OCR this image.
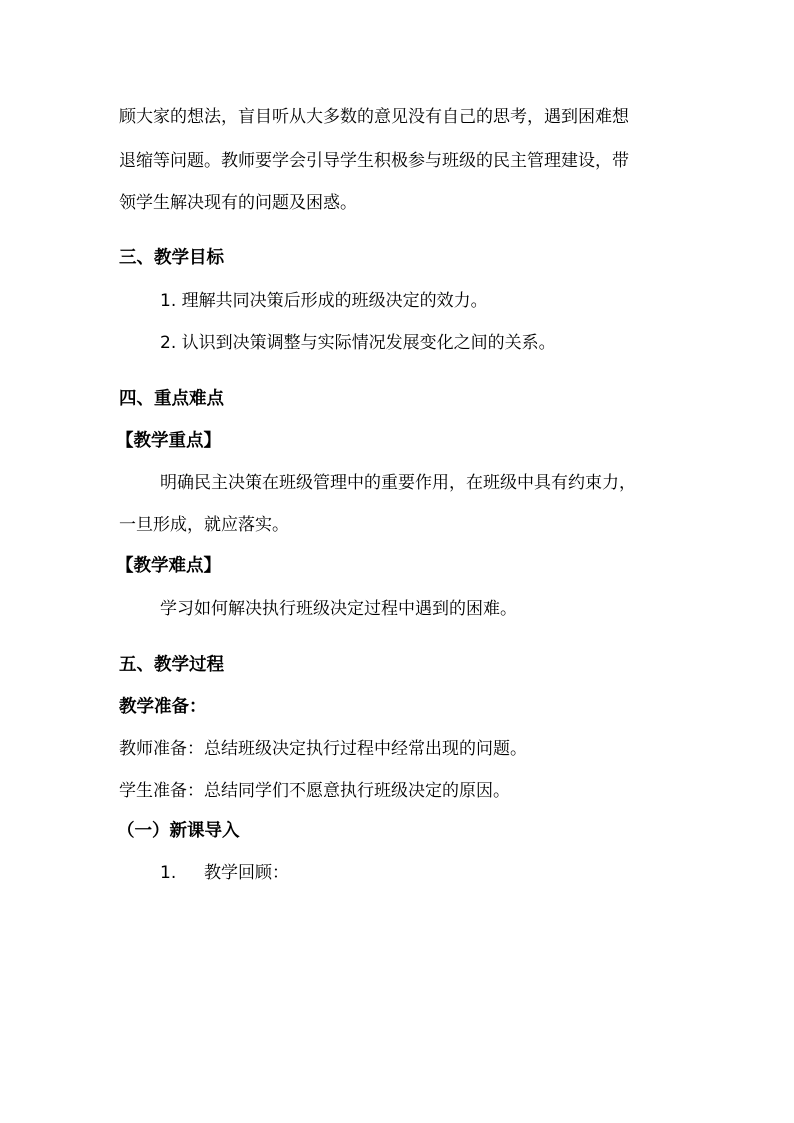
顾大家的想法，盲目听从大多数的意见没有自己的思考，遇到困难想
退缩等问题。教师要学会引导学生积极参与班级的民主管理建设，带
领学生解决现有的问题及困惑。
三、教学目标
1. 理解共同决策后形成的班级决定的效力。
2. 认识到决策调整与实际情况发展变化之间的关系。
四、重点难点
【教学重点】
明确民主决策在班级管理中的重要作用，在班级中具有约束力，
一旦形成，就应落实。
【教学难点】
学习如何解决执行班级决定过程中遇到的困难。
五、教学过程
教学准备：
教师准备：总结班级决定执行过程中经常出现的问题。
学生准备：总结同学们不愿意执行班级决定的原因。
（一）新课导入
1. 教学回顾：
